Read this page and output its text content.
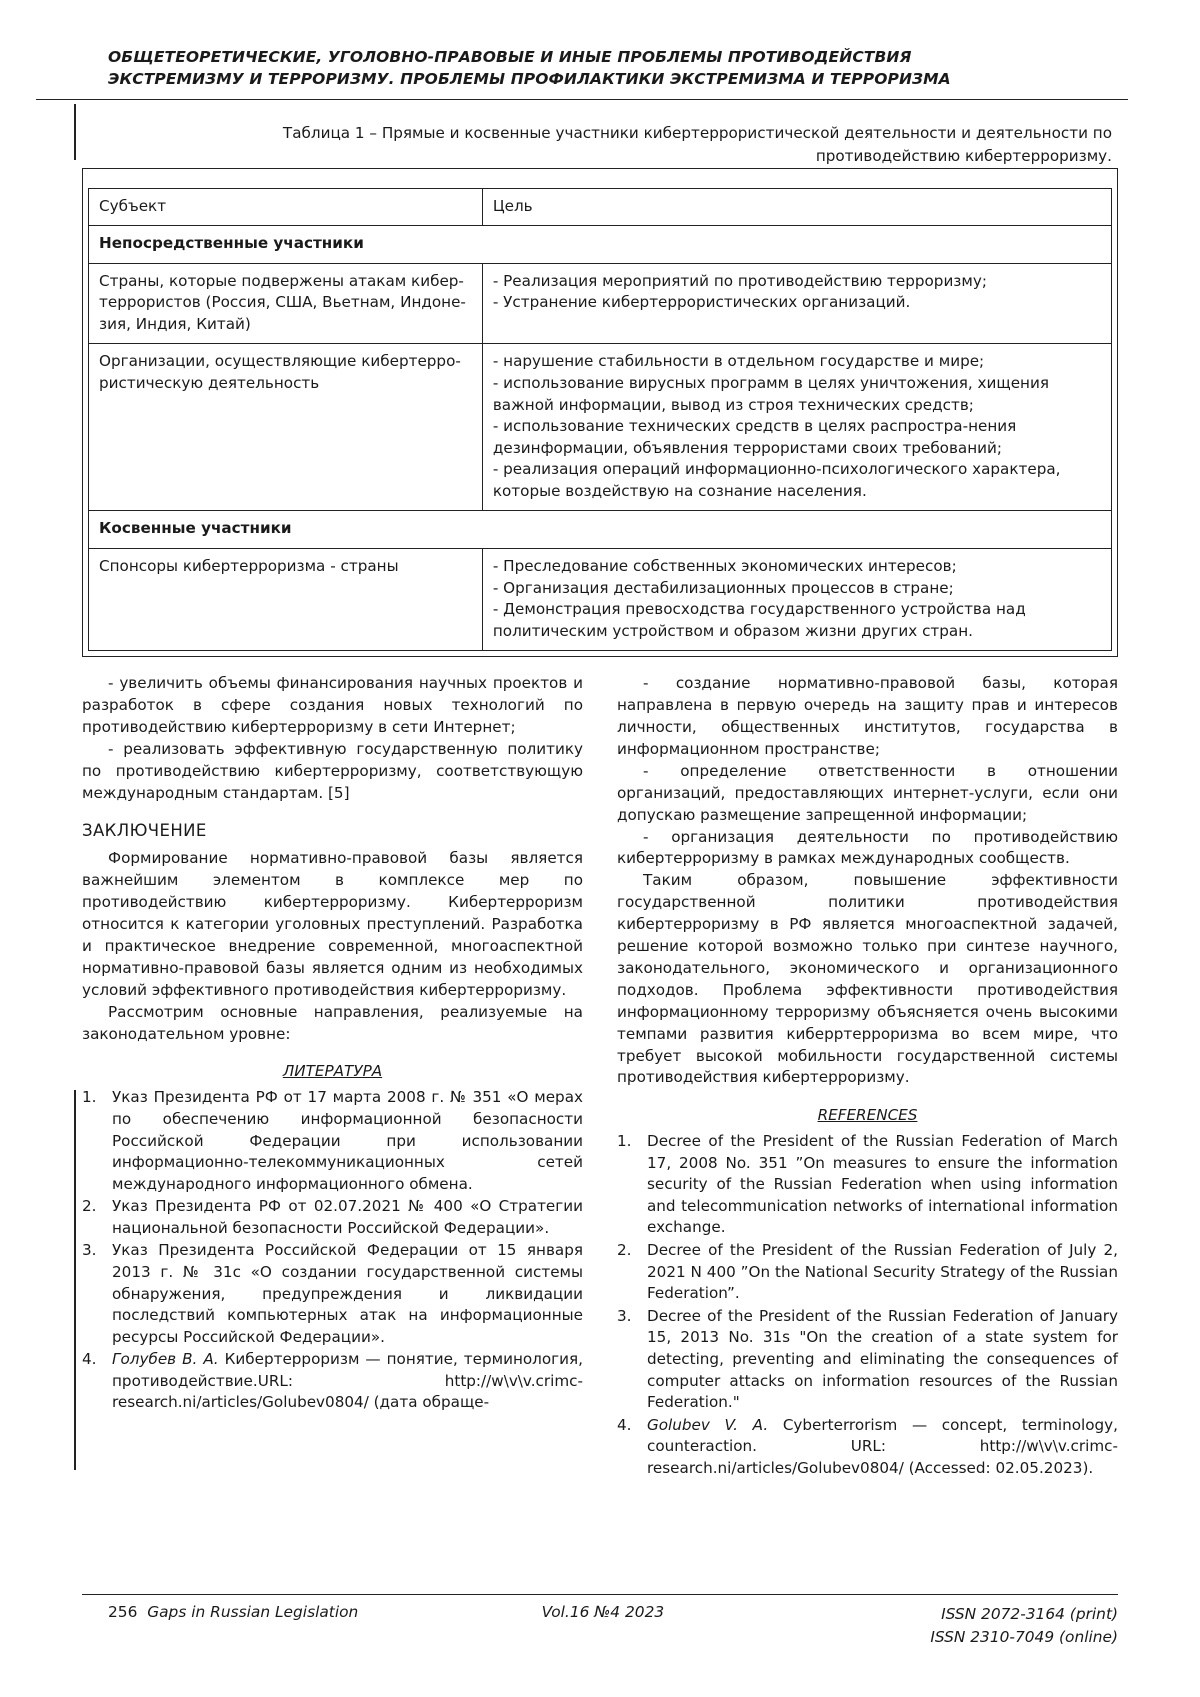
ОБЩЕТЕОРЕТИЧЕСКИЕ, УГОЛОВНО-ПРАВОВЫЕ И ИНЫЕ ПРОБЛЕМЫ ПРОТИВОДЕЙСТВИЯ
ЭКСТРЕМИЗМУ И ТЕРРОРИЗМУ. ПРОБЛЕМЫ ПРОФИЛАКТИКИ ЭКСТРЕМИЗМА И ТЕРРОРИЗМА
Таблица 1 – Прямые и косвенные участники кибертеррористической деятельности и деятельности по противодействию кибертерроризму.
Субъект	Цель
Непосредственные участники	
Страны, которые подвержены атакам кибер-террористов (Россия, США, Вьетнам, Индоне-зия, Индия, Китай)	- Реализация мероприятий по противодействию терроризму;
- Устранение кибертеррористических организаций.
Организации, осуществляющие кибертерро-ристическую деятельность	- нарушение стабильности в отдельном государстве и мире;
- использование вирусных программ в целях уничтожения, хищения важной информации, вывод из строя технических средств;
- использование технических средств в целях распростра-нения дезинформации, объявления террористами своих требований;
- реализация операций информационно-психологического характера, которые воздействую на сознание населения.
Косвенные участники	
Спонсоры кибертерроризма - страны	- Преследование собственных экономических интересов;
- Организация дестабилизационных процессов в стране;
- Демонстрация превосходства государственного устройства над политическим устройством и образом жизни других стран.

- увеличить объемы финансирования научных проектов и разработок в сфере создания новых технологий по противодействию кибертерроризму в сети Интернет;

- реализовать эффективную государственную политику по противодействию кибертерроризму, соответствующую международным стандартам. [5]

ЗАКЛЮЧЕНИЕ

Формирование нормативно-правовой базы является важнейшим элементом в комплексе мер по противодействию кибертерроризму. Кибертерроризм относится к категории уголовных преступлений. Разработка и практическое внедрение современной, многоаспектной нормативно-правовой базы является одним из необходимых условий эффективного противодействия кибертерроризму.

Рассмотрим основные направления, реализуемые на законодательном уровне:

ЛИТЕРАТУРА
Указ Президента РФ от 17 марта 2008 г. № 351 «О мерах по обеспечению информационной безопасности Российской Федерации при использовании информационно-телекоммуникационных сетей международного информационного обмена.
Указ Президента РФ от 02.07.2021 № 400 «О Стратегии национальной безопасности Российской Федерации».
Указ Президента Российской Федерации от 15 января 2013 г. № 31с «О создании государственной системы обнаружения, предупреждения и ликвидации последствий компьютерных атак на информационные ресурсы Российской Федерации».
Голубев В. А. Кибертерроризм — понятие, терминология, противодействие.URL: http://w\v\v.crimc-research.ni/articles/Golubev0804/ (дата обраще-

- создание нормативно-правовой базы, которая направлена в первую очередь на защиту прав и интересов личности, общественных институтов, государства в информационном пространстве;

- определение ответственности в отношении организаций, предоставляющих интернет-услуги, если они допускаю размещение запрещенной информации;

- организация деятельности по противодействию кибертерроризму в рамках международных сообществ.

Таким образом, повышение эффективности государственной политики противодействия кибертерроризму в РФ является многоаспектной задачей, решение которой возможно только при синтезе научного, законодательного, экономического и организационного подходов. Проблема эффективности противодействия информационному терроризму объясняется очень высокими темпами развития киберртерроризма во всем мире, что требует высокой мобильности государственной системы противодействия кибертерроризму.

REFERENCES
Decree of the President of the Russian Federation of March 17, 2008 No. 351 ”On measures to ensure the information security of the Russian Federation when using information and telecommunication networks of international information exchange.
Decree of the President of the Russian Federation of July 2, 2021 N 400 ”On the National Security Strategy of the Russian Federation”.
Decree of the President of the Russian Federation of January 15, 2013 No. 31s "On the creation of a state system for detecting, preventing and eliminating the consequences of computer attacks on information resources of the Russian Federation."
Golubev V. A. Cyberterrorism — concept, terminology, counteraction. URL: http://w\v\v.crimc-research.ni/articles/Golubev0804/ (Accessed: 02.05.2023).
256 Gaps in Russian Legislation	Vol.16 №4 2023	ISSN 2072-3164 (print)
ISSN 2310-7049 (online)
